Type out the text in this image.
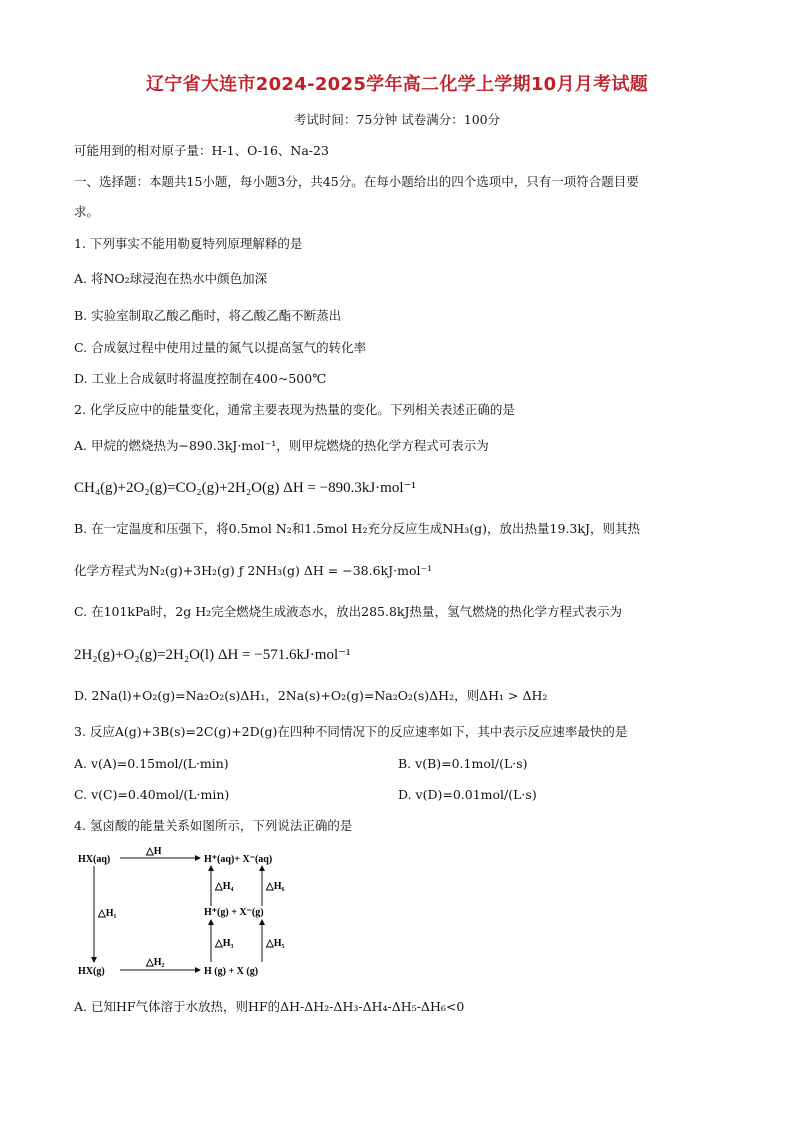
辽宁省大连市2024-2025学年高二化学上学期10月月考试题
考试时间：75分钟 试卷满分：100分
可能用到的相对原子量：H-1、O-16、Na-23
一、选择题：本题共15小题，每小题3分，共45分。在每小题给出的四个选项中，只有一项符合题目要
求。
1. 下列事实不能用勒夏特列原理解释的是
A. 将NO₂球浸泡在热水中颜色加深
B. 实验室制取乙酸乙酯时，将乙酸乙酯不断蒸出
C. 合成氨过程中使用过量的氮气以提高氢气的转化率
D. 工业上合成氨时将温度控制在400~500℃
2. 化学反应中的能量变化，通常主要表现为热量的变化。下列相关表述正确的是
A. 甲烷的燃烧热为−890.3kJ·mol⁻¹，则甲烷燃烧的热化学方程式可表示为
CH₄(g)+2O₂(g)=CO₂(g)+2H₂O(g) ΔH = −890.3kJ·mol⁻¹
B. 在一定温度和压强下，将0.5mol N₂和1.5mol H₂充分反应生成NH₃(g)，放出热量19.3kJ，则其热
化学方程式为N₂(g)+3H₂(g) ƒ 2NH₃(g) ΔH = −38.6kJ·mol⁻¹
C. 在101kPa时，2g H₂完全燃烧生成液态水，放出285.8kJ热量，氢气燃烧的热化学方程式表示为
2H₂(g)+O₂(g)=2H₂O(l) ΔH = −571.6kJ·mol⁻¹
D. 2Na(l)+O₂(g)=Na₂O₂(s)ΔH₁，2Na(s)+O₂(g)=Na₂O₂(s)ΔH₂，则ΔH₁ > ΔH₂
3. 反应A(g)+3B(s)=2C(g)+2D(g)在四种不同情况下的反应速率如下，其中表示反应速率最快的是
A. v(A)=0.15mol/(L·min)	B. v(B)=0.1mol/(L·s)
C. v(C)=0.40mol/(L·min)	D. v(D)=0.01mol/(L·s)
4. 氢卤酸的能量关系如图所示，下列说法正确的是
HX(aq)
HX(g)
H⁺(aq)+ X⁻(aq)
H⁺(g) + X⁻(g)
H (g) + X (g)
△H
△H₁
△H₂
△H₃
△H₄
△H₅
△H₆
A. 已知HF气体溶于水放热，则HF的ΔH-ΔH₂-ΔH₃-ΔH₄-ΔH₅-ΔH₆<0
